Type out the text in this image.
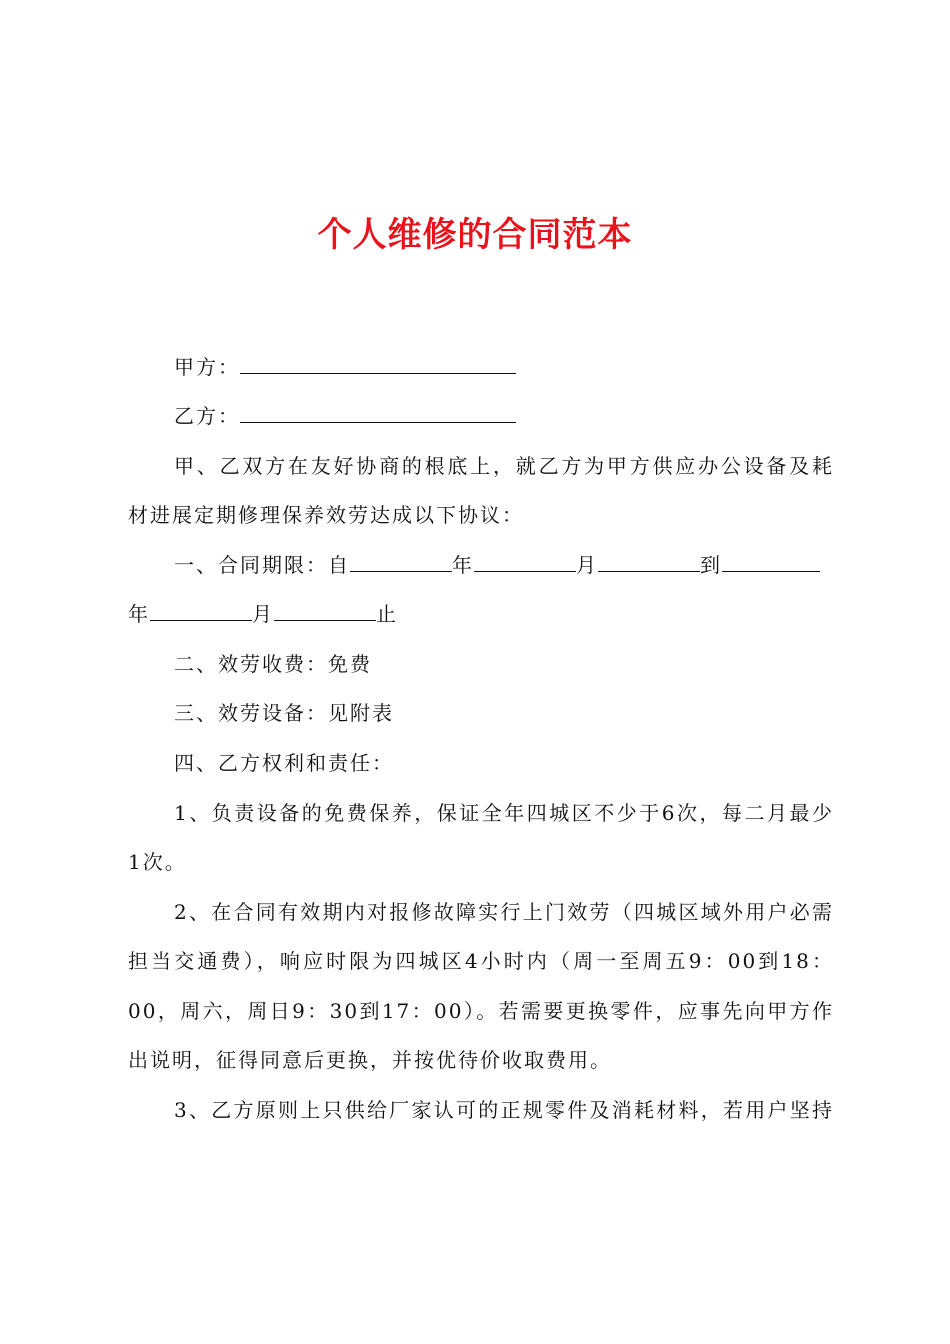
个人维修的合同范本
甲方：
乙方：
甲、乙双方在友好协商的根底上，就乙方为甲方供应办公设备及耗
材进展定期修理保养效劳达成以下协议：
一、合同期限：自	年	月	到
年	月	止
二、效劳收费：免费
三、效劳设备：见附表
四、乙方权利和责任：
1、负责设备的免费保养，保证全年四城区不少于6次，每二月最少
1次。
2、在合同有效期内对报修故障实行上门效劳（四城区域外用户必需
担当交通费），响应时限为四城区4小时内（周一至周五9：00到18：
00，周六，周日9：30到17：00）。若需要更换零件，应事先向甲方作
出说明，征得同意后更换，并按优待价收取费用。
3、乙方原则上只供给厂家认可的正规零件及消耗材料，若用户坚持
